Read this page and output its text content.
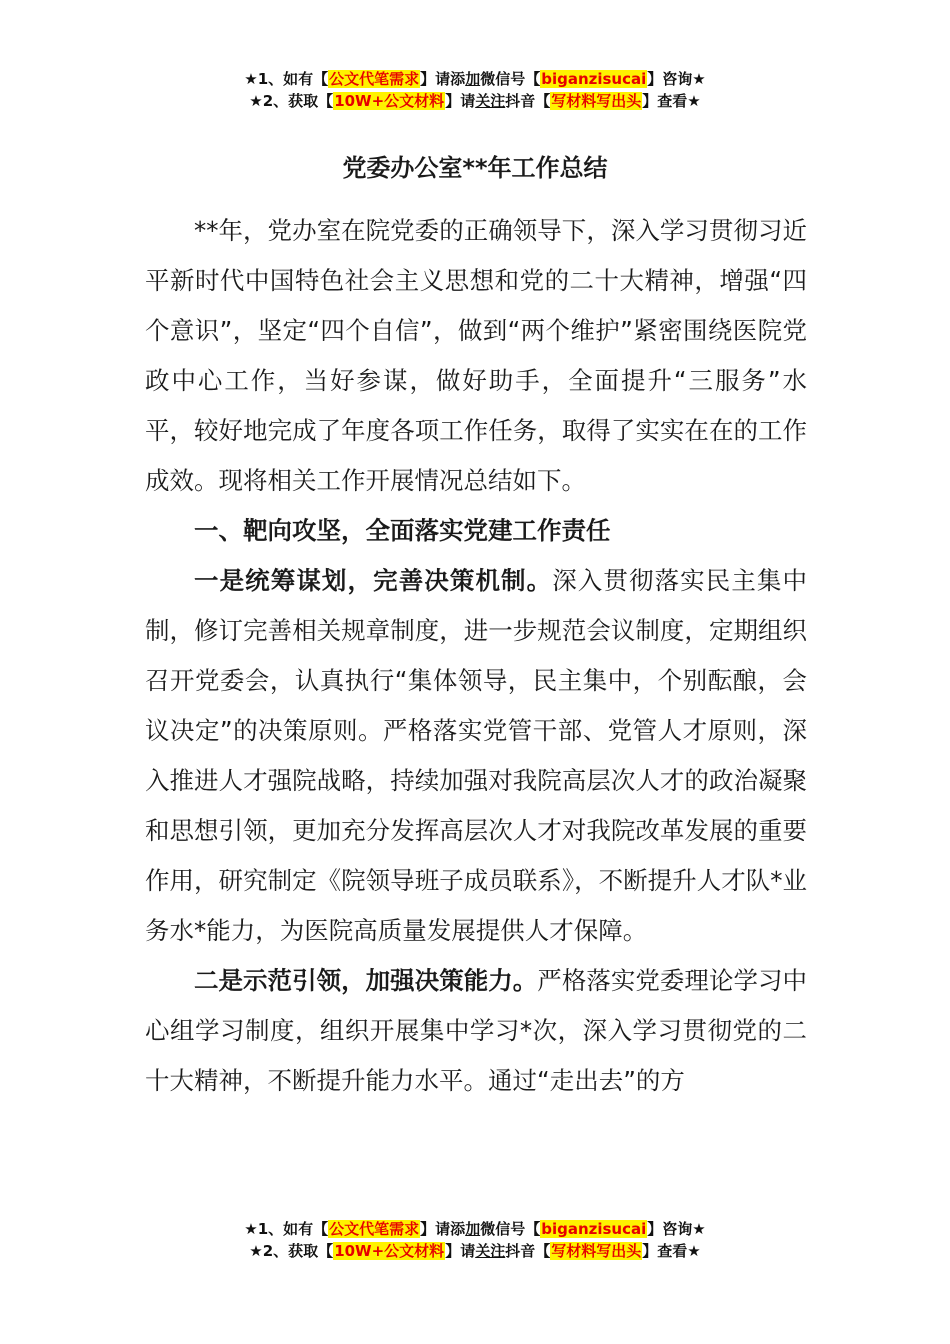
★1、如有【公文代笔需求】请添加微信号【biganzisucai】咨询★
★2、获取【10W+公文材料】请关注抖音【写材料写出头】查看★
党委办公室**年工作总结

**年，党办室在院党委的正确领导下，深入学习贯彻习近平新时代中国特色社会主义思想和党的二十大精神，增强“四个意识”，坚定“四个自信”，做到“两个维护”紧密围绕医院党政中心工作，当好参谋，做好助手，全面提升“三服务”水平，较好地完成了年度各项工作任务，取得了实实在在的工作成效。现将相关工作开展情况总结如下。

一、靶向攻坚，全面落实党建工作责任

一是统筹谋划，完善决策机制。深入贯彻落实民主集中制，修订完善相关规章制度，进一步规范会议制度，定期组织召开党委会，认真执行“集体领导，民主集中，个别酝酿，会议决定”的决策原则。严格落实党管干部、党管人才原则，深入推进人才强院战略，持续加强对我院高层次人才的政治凝聚和思想引领，更加充分发挥高层次人才对我院改革发展的重要作用，研究制定《院领导班子成员联系》，不断提升人才队*业务水*能力，为医院高质量发展提供人才保障。

二是示范引领，加强决策能力。严格落实党委理论学习中心组学习制度，组织开展集中学习*次，深入学习贯彻党的二十大精神，不断提升能力水平。通过“走出去”的方

★1、如有【公文代笔需求】请添加微信号【biganzisucai】咨询★
★2、获取【10W+公文材料】请关注抖音【写材料写出头】查看★
